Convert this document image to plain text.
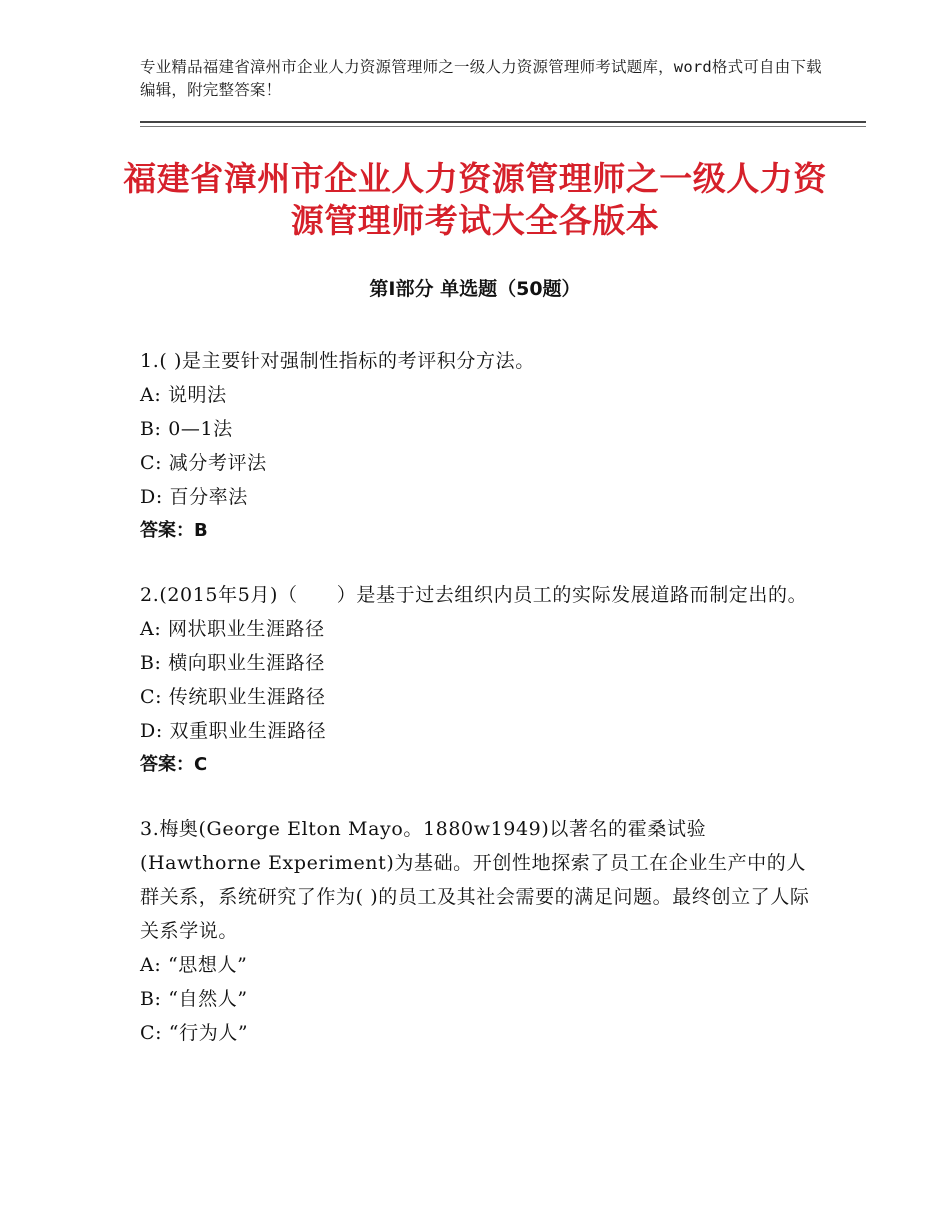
专业精品福建省漳州市企业人力资源管理师之一级人力资源管理师考试题库，word格式可自由下载编辑，附完整答案！
福建省漳州市企业人力资源管理师之一级人力资源管理师考试大全各版本
第Ⅰ部分 单选题（50题）

1.( )是主要针对强制性指标的考评积分方法。

A: 说明法

B: 0—1法

C: 减分考评法

D: 百分率法

答案：B

2.(2015年5月)（　　）是基于过去组织内员工的实际发展道路而制定出的。

A: 网状职业生涯路径

B: 横向职业生涯路径

C: 传统职业生涯路径

D: 双重职业生涯路径

答案：C

3.梅奥(George Elton Mayo。1880w1949)以著名的霍桑试验(Hawthorne Experiment)为基础。开创性地探索了员工在企业生产中的人群关系，系统研究了作为( )的员工及其社会需要的满足问题。最终创立了人际关系学说。

A: “思想人”

B: “自然人”

C: “行为人”
